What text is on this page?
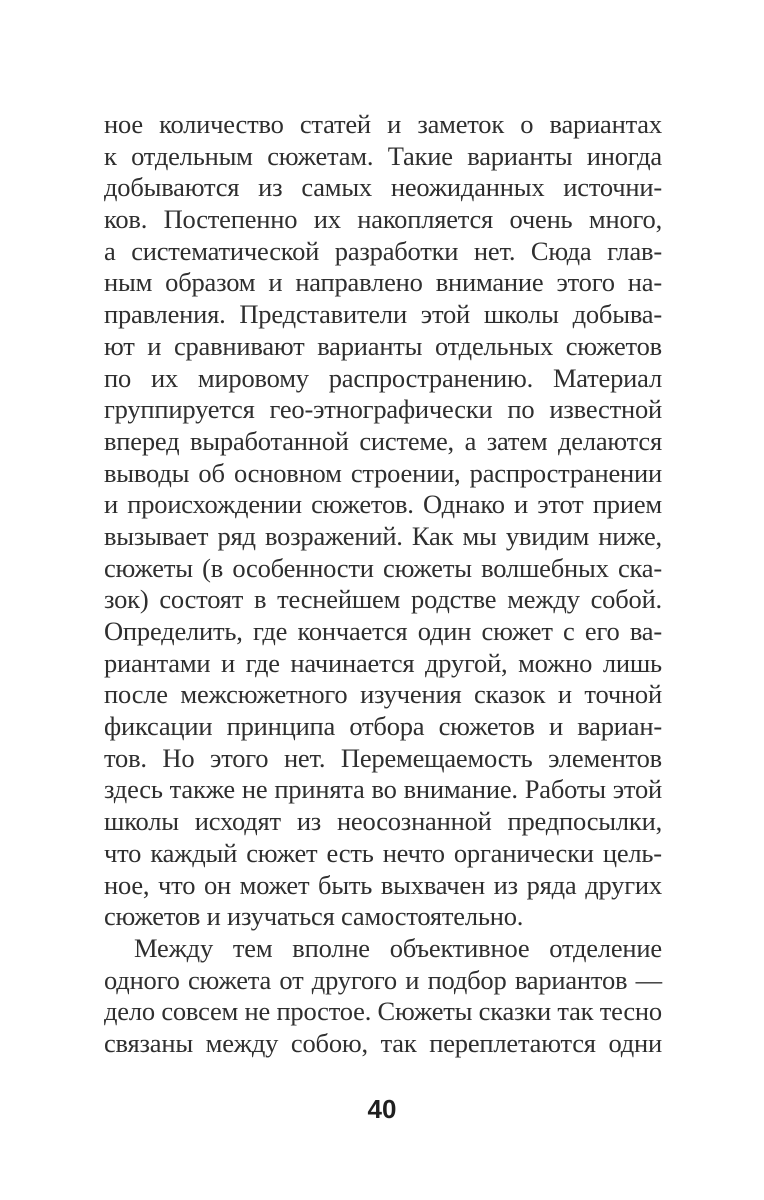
ное количество статей и заметок о вариантах
к отдельным сюжетам. Такие варианты иногда
добываются из самых неожиданных источни-
ков. Постепенно их накопляется очень много,
а систематической разработки нет. Сюда глав-
ным образом и направлено внимание этого на-
правления. Представители этой школы добыва-
ют и сравнивают варианты отдельных сюжетов
по их мировому распространению. Материал
группируется гео-этнографически по известной
вперед выработанной системе, а затем делаются
выводы об основном строении, распространении
и происхождении сюжетов. Однако и этот прием
вызывает ряд возражений. Как мы увидим ниже,
сюжеты (в особенности сюжеты волшебных ска-
зок) состоят в теснейшем родстве между собой.
Определить, где кончается один сюжет с его ва-
риантами и где начинается другой, можно лишь
после межсюжетного изучения сказок и точной
фиксации принципа отбора сюжетов и вариан-
тов. Но этого нет. Перемещаемость элементов
здесь также не принята во внимание. Работы этой
школы исходят из неосознанной предпосылки,
что каждый сюжет есть нечто органически цель-
ное, что он может быть выхвачен из ряда других
сюжетов и изучаться самостоятельно.
Между тем вполне объективное отделение
одного сюжета от другого и подбор вариантов —
дело совсем не простое. Сюжеты сказки так тесно
связаны между собою, так переплетаются одни
40
